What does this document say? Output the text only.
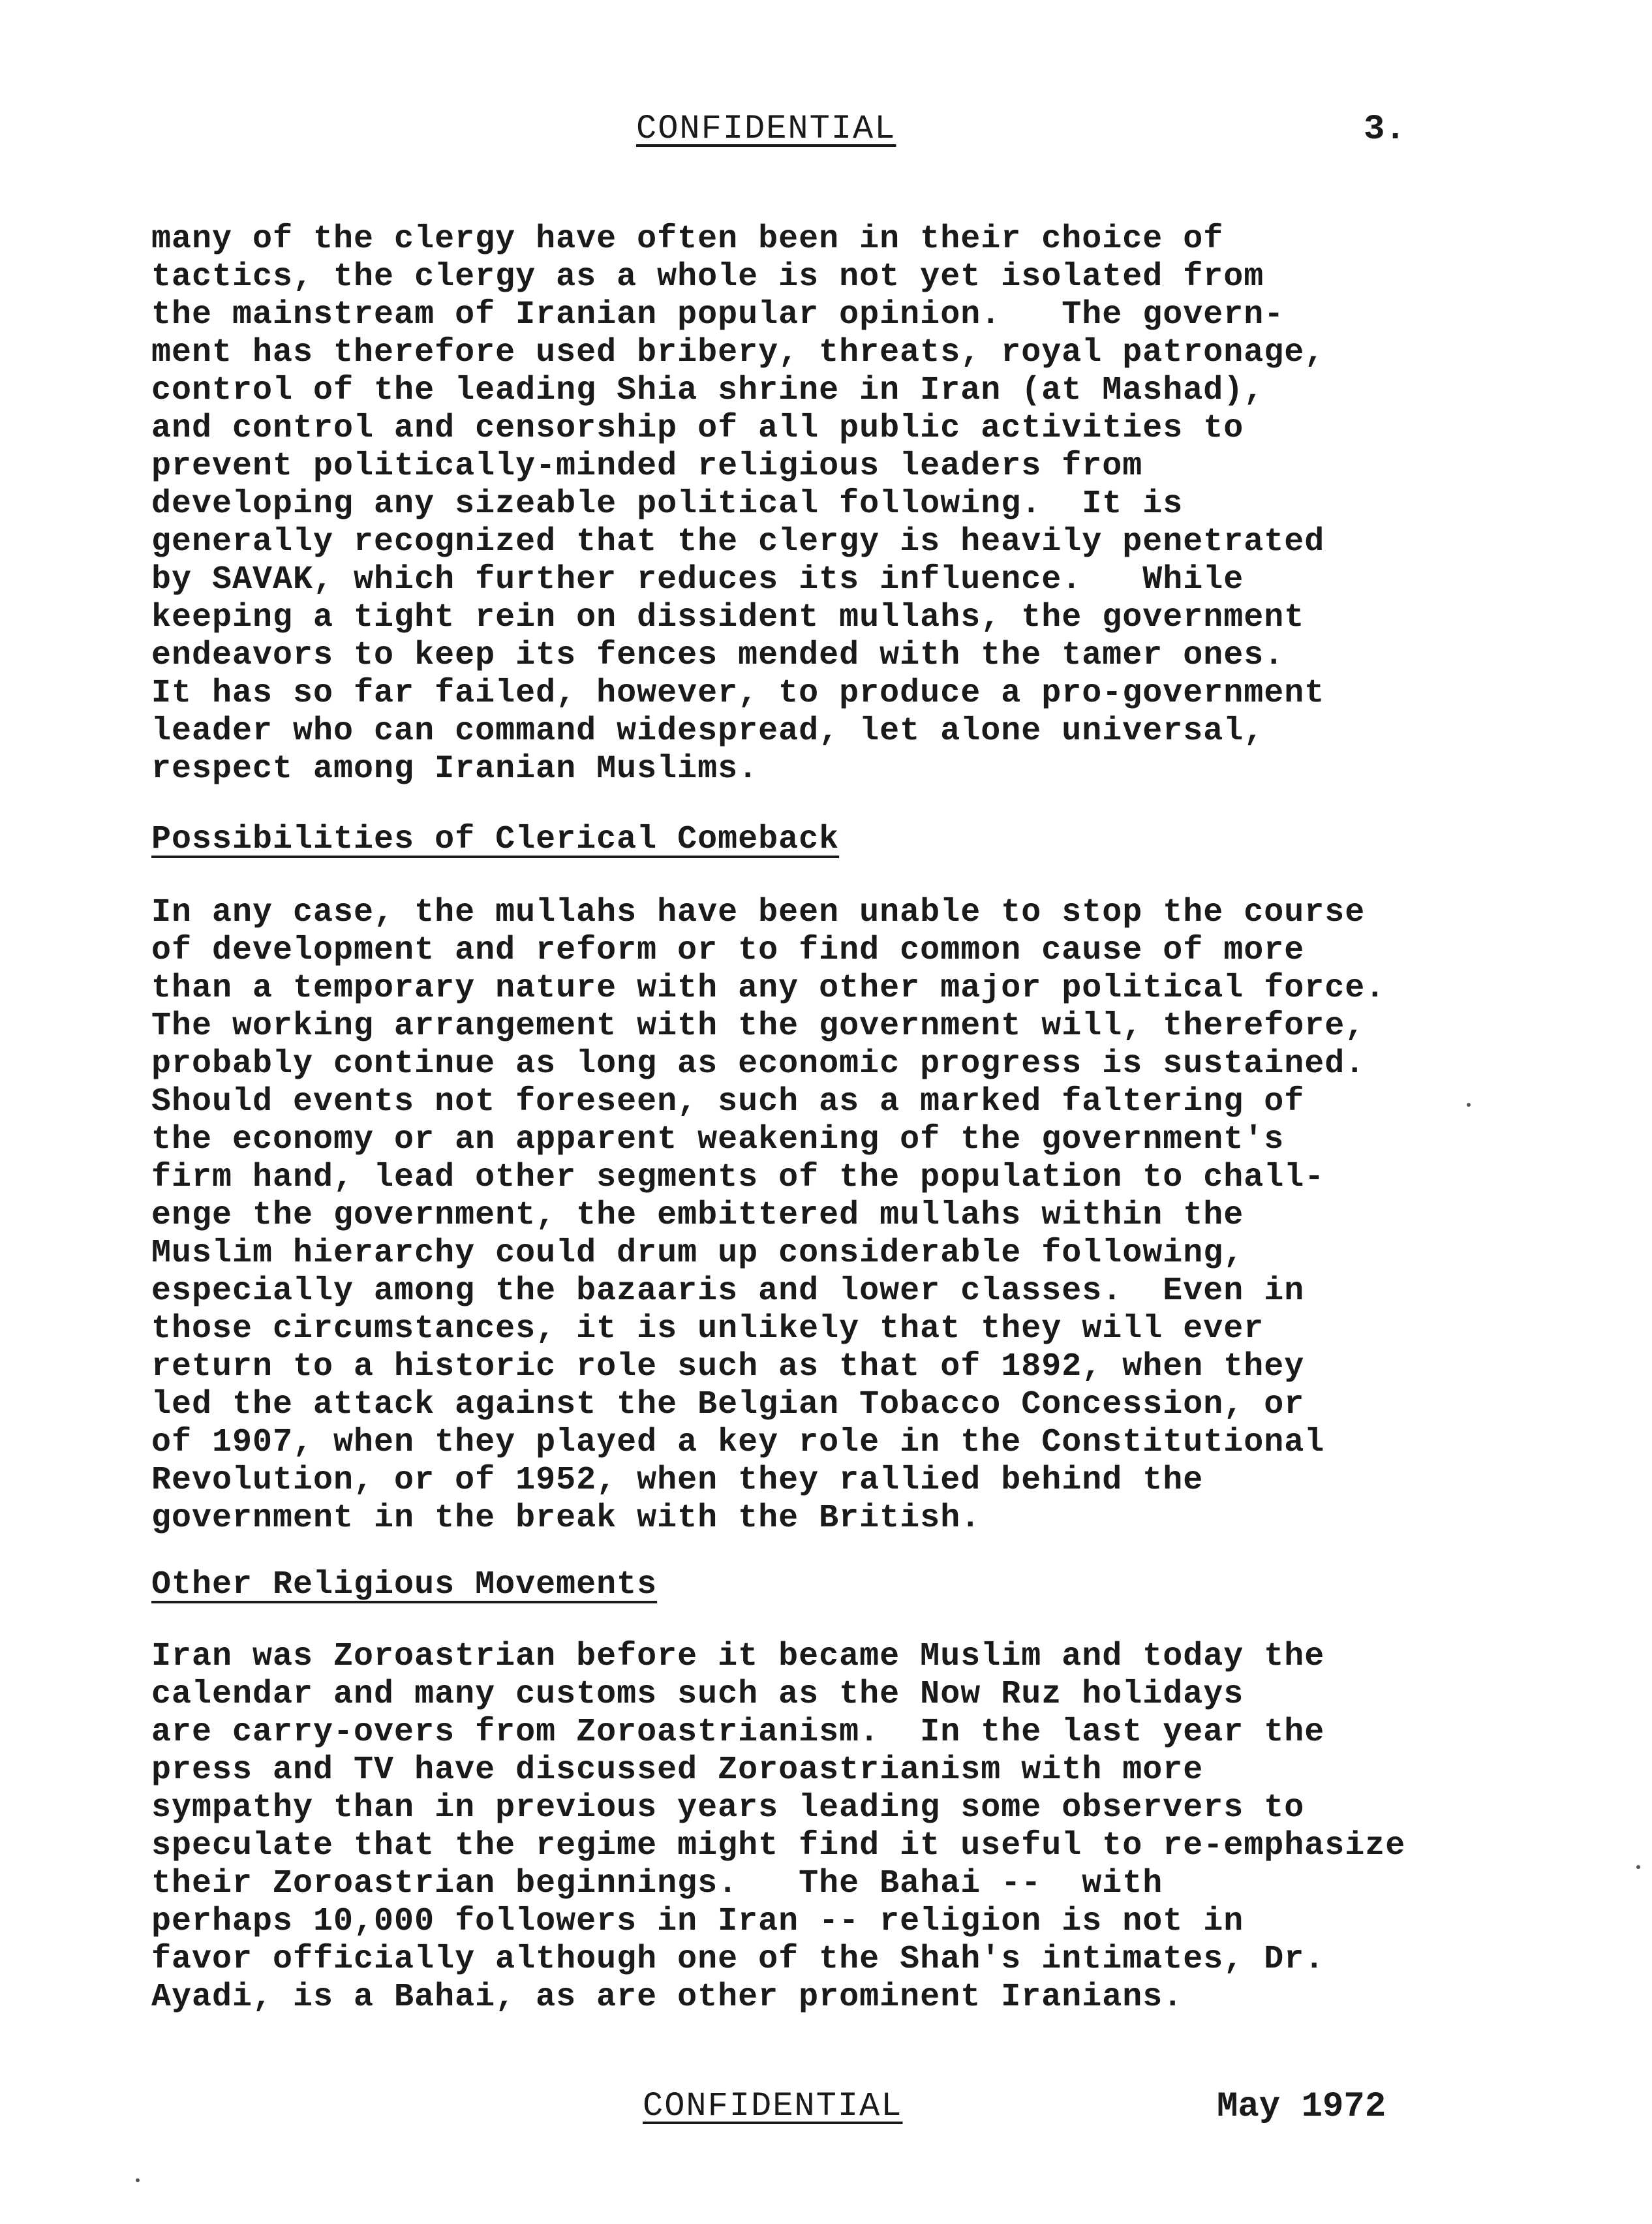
CONFIDENTIAL	3.
many of the clergy have often been in their choice of
tactics, the clergy as a whole is not yet isolated from
the mainstream of Iranian popular opinion.   The govern-
ment has therefore used bribery, threats, royal patronage,
control of the leading Shia shrine in Iran (at Mashad),
and control and censorship of all public activities to
prevent politically-minded religious leaders from
developing any sizeable political following.  It is
generally recognized that the clergy is heavily penetrated
by SAVAK, which further reduces its influence.   While
keeping a tight rein on dissident mullahs, the government
endeavors to keep its fences mended with the tamer ones.
It has so far failed, however, to produce a pro-government
leader who can command widespread, let alone universal,
respect among Iranian Muslims.
Possibilities of Clerical Comeback
In any case, the mullahs have been unable to stop the course
of development and reform or to find common cause of more
than a temporary nature with any other major political force.
The working arrangement with the government will, therefore,
probably continue as long as economic progress is sustained.
Should events not foreseen, such as a marked faltering of
the economy or an apparent weakening of the government's
firm hand, lead other segments of the population to chall-
enge the government, the embittered mullahs within the
Muslim hierarchy could drum up considerable following,
especially among the bazaaris and lower classes.  Even in
those circumstances, it is unlikely that they will ever
return to a historic role such as that of 1892, when they
led the attack against the Belgian Tobacco Concession, or
of 1907, when they played a key role in the Constitutional
Revolution, or of 1952, when they rallied behind the
government in the break with the British.
Other Religious Movements
Iran was Zoroastrian before it became Muslim and today the
calendar and many customs such as the Now Ruz holidays
are carry-overs from Zoroastrianism.  In the last year the
press and TV have discussed Zoroastrianism with more
sympathy than in previous years leading some observers to
speculate that the regime might find it useful to re-emphasize
their Zoroastrian beginnings.   The Bahai --  with
perhaps 10,000 followers in Iran -- religion is not in
favor officially although one of the Shah's intimates, Dr.
Ayadi, is a Bahai, as are other prominent Iranians.
CONFIDENTIAL	May 1972
